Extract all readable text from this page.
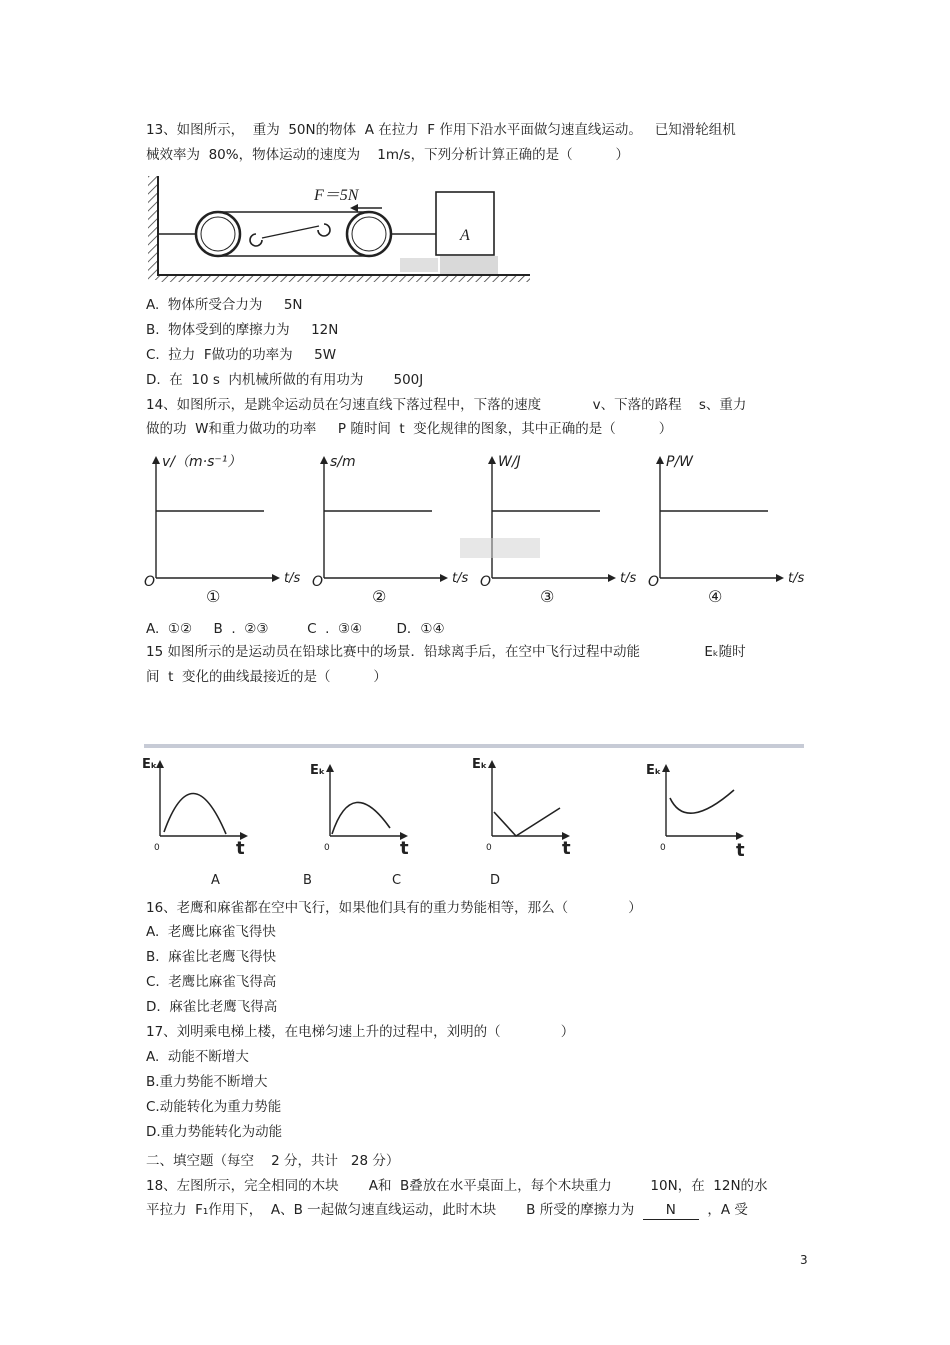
13、如图所示，  重为  50N的物体  A 在拉力  F 作用下沿水平面做匀速直线运动。   已知滑轮组机
械效率为  80%，物体运动的速度为    1m/s，下列分析计算正确的是（          ）
F＝5N
A
A.  物体所受合力为     5N
B.  物体受到的摩擦力为     12N
C.  拉力  F做功的功率为     5W
D.  在  10 s  内机械所做的有用功为       500J
14、如图所示，是跳伞运动员在匀速直线下落过程中，下落的速度            v、下落的路程    s、重力
做的功  W和重力做功的功率     P 随时间  t  变化规律的图象，其中正确的是（          ）
v/（m·s⁻¹）
t/s
O
①
s/m
t/s
O
②
W/J
t/s
O
③
P/W
t/s
O
④
A.  ①②     B  .  ②③         C  .  ③④        D．①④
15 如图所示的是运动员在铅球比赛中的场景．铅球离手后，在空中飞行过程中动能               Eₖ随时
间  t  变化的曲线最接近的是（          ）
Eₖ
t
0
Eₖ
t
0
Eₖ
t
0
Eₖ
t
0
A	B	C	D
16、老鹰和麻雀都在空中飞行，如果他们具有的重力势能相等，那么（              ）
A.  老鹰比麻雀飞得快
B.  麻雀比老鹰飞得快
C.  老鹰比麻雀飞得高
D.  麻雀比老鹰飞得高
17、刘明乘电梯上楼，在电梯匀速上升的过程中，刘明的（              ）
A.  动能不断增大
B.重力势能不断增大
C.动能转化为重力势能
D.重力势能转化为动能
二、填空题（每空    2 分，共计   28 分）
18、左图所示，完全相同的木块       A和  B叠放在水平桌面上，每个木块重力         10N，在  12N的水
平拉力  F₁作用下，  A、B 一起做匀速直线运动，此时木块       B 所受的摩擦力为  N  ，A 受
3
